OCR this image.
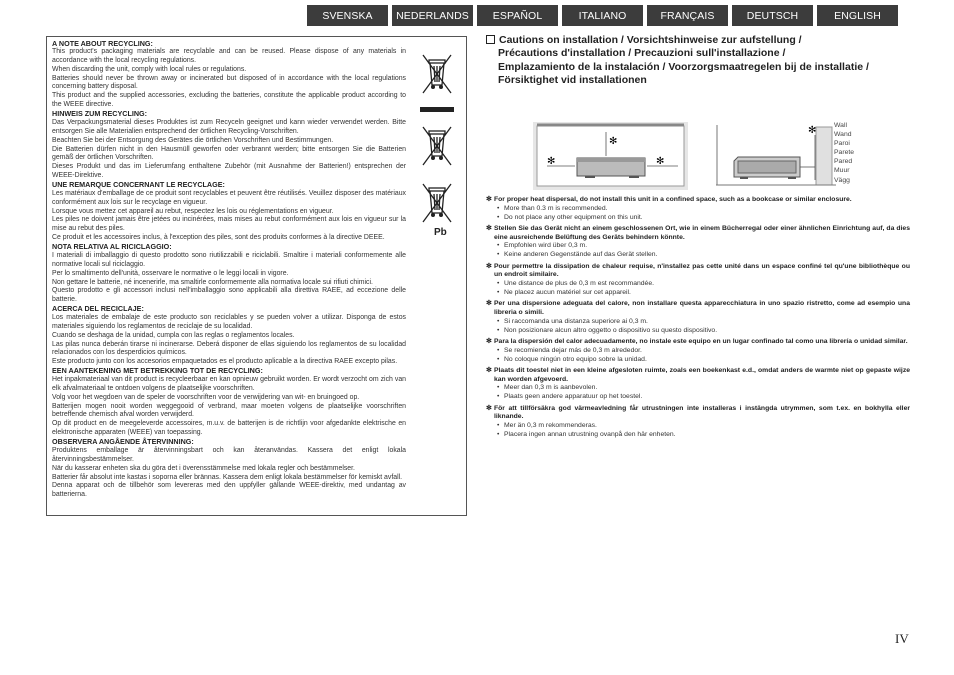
SVENSKA	NEDERLANDS	ESPAÑOL	ITALIANO	FRANÇAIS	DEUTSCH	ENGLISH
A NOTE ABOUT RECYCLING:

This product's packaging materials are recyclable and can be reused. Please dispose of any materials in accordance with the local recycling regulations.

When discarding the unit, comply with local rules or regulations.

Batteries should never be thrown away or incinerated but disposed of in accordance with the local regulations concerning battery disposal.

This product and the supplied accessories, excluding the batteries, constitute the applicable product according to the WEEE directive.

HINWEIS ZUM RECYCLING:

Das Verpackungsmaterial dieses Produktes ist zum Recyceln geeignet und kann wieder verwendet werden. Bitte entsorgen Sie alle Materialien entsprechend der örtlichen Recycling-Vorschriften.

Beachten Sie bei der Entsorgung des Gerätes die örtlichen Vorschriften und Bestimmungen.

Die Batterien dürfen nicht in den Hausmüll geworfen oder verbrannt werden; bitte entsorgen Sie die Batterien gemäß der örtlichen Vorschriften.

Dieses Produkt und das im Lieferumfang enthaltene Zubehör (mit Ausnahme der Batterien!) entsprechen der WEEE-Direktive.

UNE REMARQUE CONCERNANT LE RECYCLAGE:

Les matériaux d'emballage de ce produit sont recyclables et peuvent être réutilisés. Veuillez disposer des matériaux conformément aux lois sur le recyclage en vigueur.

Lorsque vous mettez cet appareil au rebut, respectez les lois ou réglementations en vigueur.

Les piles ne doivent jamais être jetées ou incinérées, mais mises au rebut conformément aux lois en vigueur sur la mise au rebut des piles.

Ce produit et les accessoires inclus, à l'exception des piles, sont des produits conformes à la directive DEEE.

NOTA RELATIVA AL RICICLAGGIO:

I materiali di imballaggio di questo prodotto sono riutilizzabili e riciclabili. Smaltire i materiali conformemente alle normative locali sul riciclaggio.

Per lo smaltimento dell'unità, osservare le normative o le leggi locali in vigore.

Non gettare le batterie, né incenerirle, ma smaltirle conformemente alla normativa locale sui rifiuti chimici.

Questo prodotto e gli accessori inclusi nell'imballaggio sono applicabili alla direttiva RAEE, ad eccezione delle batterie.

ACERCA DEL RECICLAJE:

Los materiales de embalaje de este producto son reciclables y se pueden volver a utilizar. Disponga de estos materiales siguiendo los reglamentos de reciclaje de su localidad.

Cuando se deshaga de la unidad, cumpla con las reglas o reglamentos locales.

Las pilas nunca deberán tirarse ni incinerarse. Deberá disponer de ellas siguiendo los reglamentos de su localidad relacionados con los desperdicios químicos.

Este producto junto con los accesorios empaquetados es el producto aplicable a la directiva RAEE excepto pilas.

EEN AANTEKENING MET BETREKKING TOT DE RECYCLING:

Het inpakmateriaal van dit product is recycleerbaar en kan opnieuw gebruikt worden. Er wordt verzocht om zich van elk afvalmateriaal te ontdoen volgens de plaatselijke voorschriften.

Volg voor het wegdoen van de speler de voorschriften voor de verwijdering van wit- en bruingoed op.

Batterijen mogen nooit worden weggegooid of verbrand, maar moeten volgens de plaatselijke voorschriften betreffende chemisch afval worden verwijderd.

Op dit product en de meegeleverde accessoires, m.u.v. de batterijen is de richtlijn voor afgedankte elektrische en elektronische apparaten (WEEE) van toepassing.

OBSERVERA ANGÅENDE ÅTERVINNING:

Produktens emballage är återvinningsbart och kan återanvändas. Kassera det enligt lokala återvinningsbestämmelser.

När du kasserar enheten ska du göra det i överensstämmelse med lokala regler och bestämmelser.

Batterier får absolut inte kastas i soporna eller brännas. Kassera dem enligt lokala bestämmelser för kemiskt avfall.

Denna apparat och de tillbehör som levereras med den uppfyller gällande WEEE-direktiv, med undantag av batterierna.

Pb
Cautions on installation / Vorsichtshinweise zur aufstellung /
Précautions d'installation / Precauzioni sull'installazione /
Emplazamiento de la instalación / Voorzorgsmaatregelen bij de installatie /
Försiktighet vid installationen
✻
✻	✻
✻	Wall
Wand
Paroi
Parete
Pared
Muur
Vägg
✻ For proper heat dispersal, do not install this unit in a confined space, such as a bookcase or similar enclosure.
• More than 0.3 m is recommended.
• Do not place any other equipment on this unit.
✻ Stellen Sie das Gerät nicht an einem geschlossenen Ort, wie in einem Bücherregal oder einer ähnlichen Einrichtung auf, da dies eine ausreichende Belüftung des Geräts behindern könnte.
• Empfohlen wird über 0,3 m.
• Keine anderen Gegenstände auf das Gerät stellen.
✻ Pour permettre la dissipation de chaleur requise, n'installez pas cette unité dans un espace confiné tel qu'une bibliothèque ou un endroit similaire.
• Une distance de plus de 0,3 m est recommandée.
• Ne placez aucun matériel sur cet appareil.
✻ Per una dispersione adeguata del calore, non installare questa apparecchiatura in uno spazio ristretto, come ad esempio una libreria o simili.
• Si raccomanda una distanza superiore ai 0,3 m.
• Non posizionare alcun altro oggetto o dispositivo su questo dispositivo.
✻ Para la dispersión del calor adecuadamente, no instale este equipo en un lugar confinado tal como una librería o unidad similar.
• Se recomienda dejar más de 0,3 m alrededor.
• No coloque ningún otro equipo sobre la unidad.
✻ Plaats dit toestel niet in een kleine afgesloten ruimte, zoals een boekenkast e.d., omdat anders de warmte niet op gepaste wijze kan worden afgevoerd.
• Meer dan 0,3 m is aanbevolen.
• Plaats geen andere apparatuur op het toestel.
✻ För att tillförsäkra god värmeavledning får utrustningen inte installeras i instängda utrymmen, som t.ex. en bokhylla eller liknande.
• Mer än 0,3 m rekommenderas.
• Placera ingen annan utrustning ovanpå den här enheten.
IV
